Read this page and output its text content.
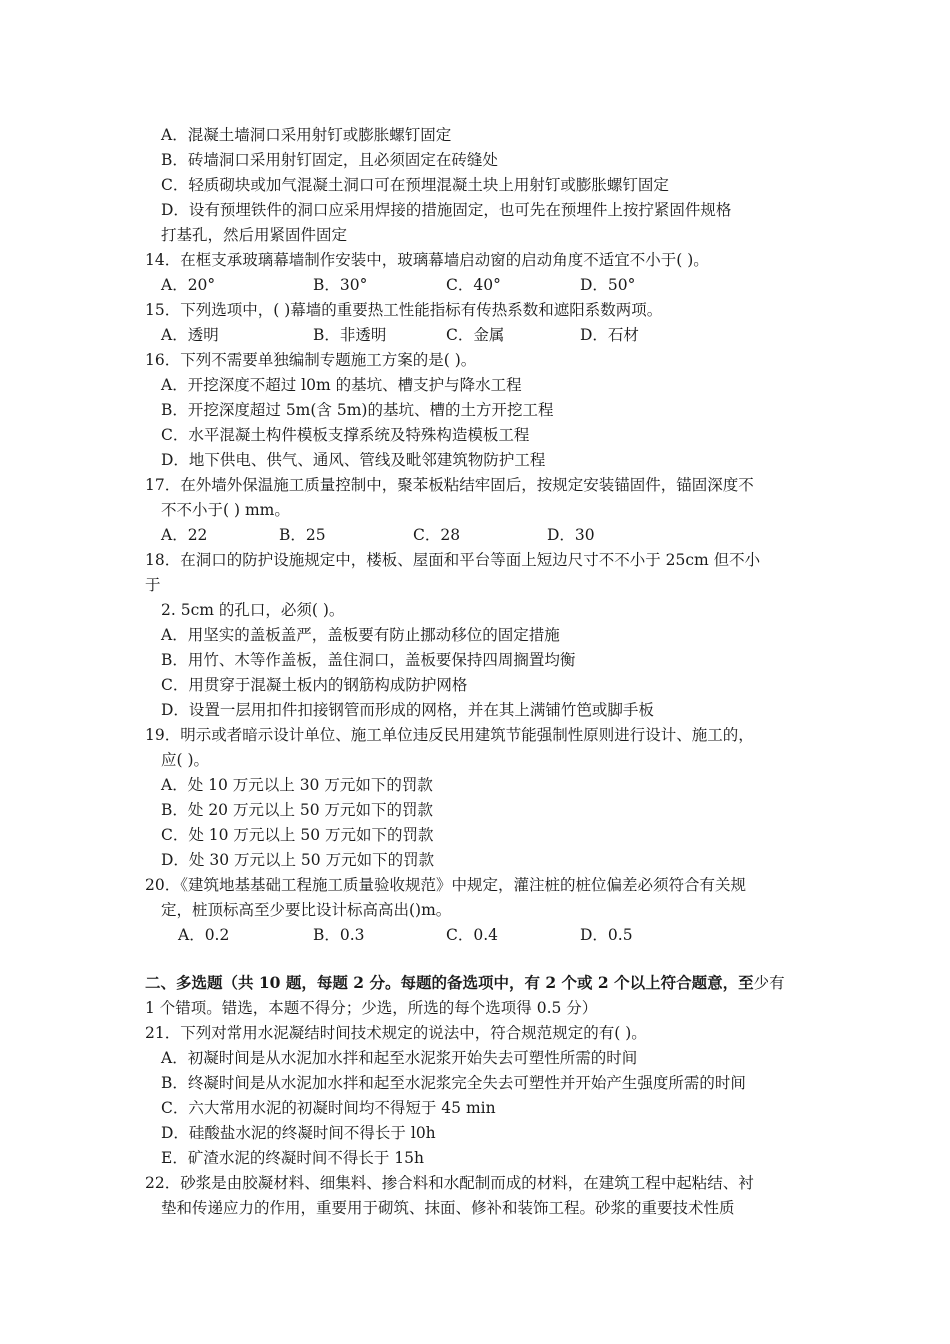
A．混凝土墙洞口采用射钉或膨胀螺钉固定
B．砖墙洞口采用射钉固定，且必须固定在砖缝处
C．轻质砌块或加气混凝土洞口可在预埋混凝土块上用射钉或膨胀螺钉固定
D．设有预埋铁件的洞口应采用焊接的措施固定，也可先在预埋件上按拧紧固件规格
打基孔，然后用紧固件固定
14．在框支承玻璃幕墙制作安装中，玻璃幕墙启动窗的启动角度不适宜不小于( )。
A．20°	B．30°	C．40°	D．50°
15．下列选项中，( )幕墙的重要热工性能指标有传热系数和遮阳系数两项。
A．透明	B．非透明	C．金属	D．石材
16．下列不需要单独编制专题施工方案的是( )。
A．开挖深度不超过 l0m 的基坑、槽支护与降水工程
B．开挖深度超过 5m(含 5m)的基坑、槽的土方开挖工程
C．水平混凝土构件模板支撑系统及特殊构造模板工程
D．地下供电、供气、通风、管线及毗邻建筑物防护工程
17．在外墙外保温施工质量控制中，聚苯板粘结牢固后，按规定安装锚固件，锚固深度不
不不小于( ) mm。
A．22	B．25	C．28	D．30
18．在洞口的防护设施规定中，楼板、屋面和平台等面上短边尺寸不不小于 25cm 但不小
于
2. 5cm 的孔口，必须( )。
A．用坚实的盖板盖严，盖板要有防止挪动移位的固定措施
B．用竹、木等作盖板，盖住洞口，盖板要保持四周搁置均衡
C．用贯穿于混凝土板内的钢筋构成防护网格
D．设置一层用扣件扣接钢管而形成的网格，并在其上满铺竹笆或脚手板
19．明示或者暗示设计单位、施工单位违反民用建筑节能强制性原则进行设计、施工的，
应( )。
A．处 10 万元以上 30 万元如下的罚款
B．处 20 万元以上 50 万元如下的罚款
C．处 10 万元以上 50 万元如下的罚款
D．处 30 万元以上 50 万元如下的罚款
20．《建筑地基基础工程施工质量验收规范》中规定，灌注桩的桩位偏差必须符合有关规
定，桩顶标高至少要比设计标高高出()m。
A．0.2	B．0.3	C．0.4	D．0.5
二、多选题（共 10 题，每题 2 分。每题的备选项中，有 2 个或 2 个以上符合题意，至少有
1 个错项。错选，本题不得分；少选，所选的每个选项得 0.5 分）
21．下列对常用水泥凝结时间技术规定的说法中，符合规范规定的有( )。
A．初凝时间是从水泥加水拌和起至水泥浆开始失去可塑性所需的时间
B．终凝时间是从水泥加水拌和起至水泥浆完全失去可塑性并开始产生强度所需的时间
C．六大常用水泥的初凝时间均不得短于 45 min
D．硅酸盐水泥的终凝时间不得长于 l0h
E．矿渣水泥的终凝时间不得长于 15h
22．砂浆是由胶凝材料、细集料、掺合料和水配制而成的材料，在建筑工程中起粘结、衬
垫和传递应力的作用，重要用于砌筑、抹面、修补和装饰工程。砂浆的重要技术性质
